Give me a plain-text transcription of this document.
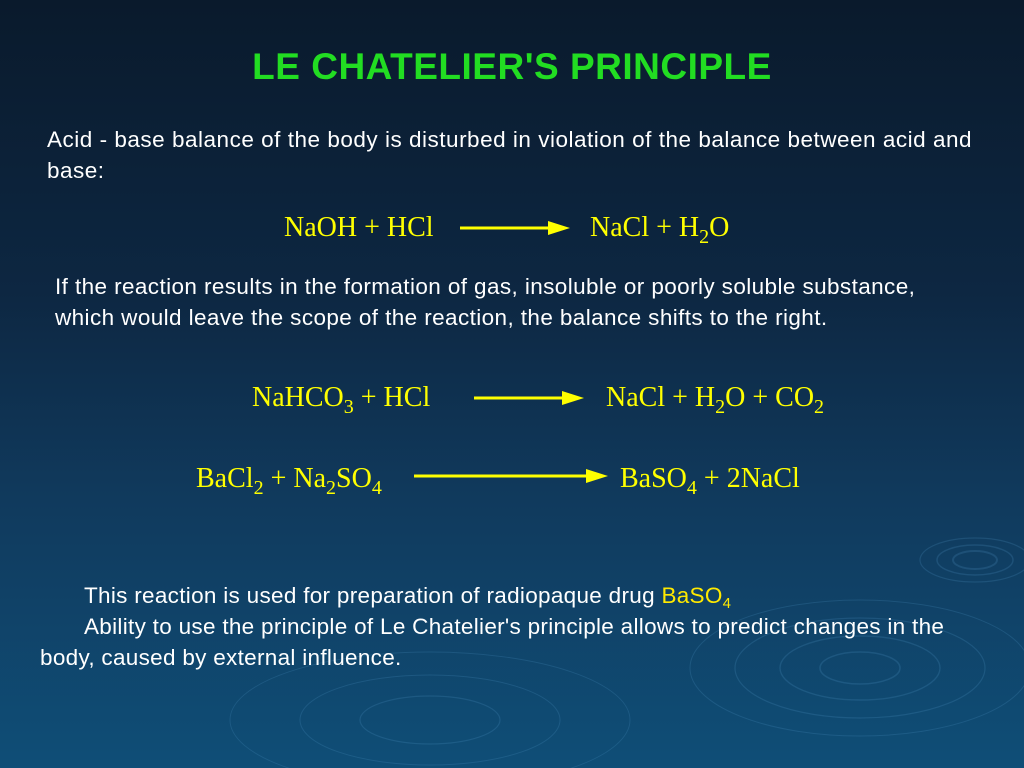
LE CHATELIER'S PRINCIPLE

Acid - base balance of the body is disturbed in violation of the balance between acid and base:

NaOH + HCl	NaCl + $H_2O$

If the reaction results in the formation of gas, insoluble or poorly soluble substance, which would leave the scope of the reaction, the balance shifts to the right.

NaHCO$_3$ + HCl	NaCl + $H_2O + CO_2$
BaCl$_2$ + $Na_2SO_4$	BaSO$_4$ + 2NaCl

This reaction is used for preparation of radiopaque drug BaSO$_4$
Ability to use the principle of Le Chatelier's principle allows to predict changes in the body, caused by external influence.
